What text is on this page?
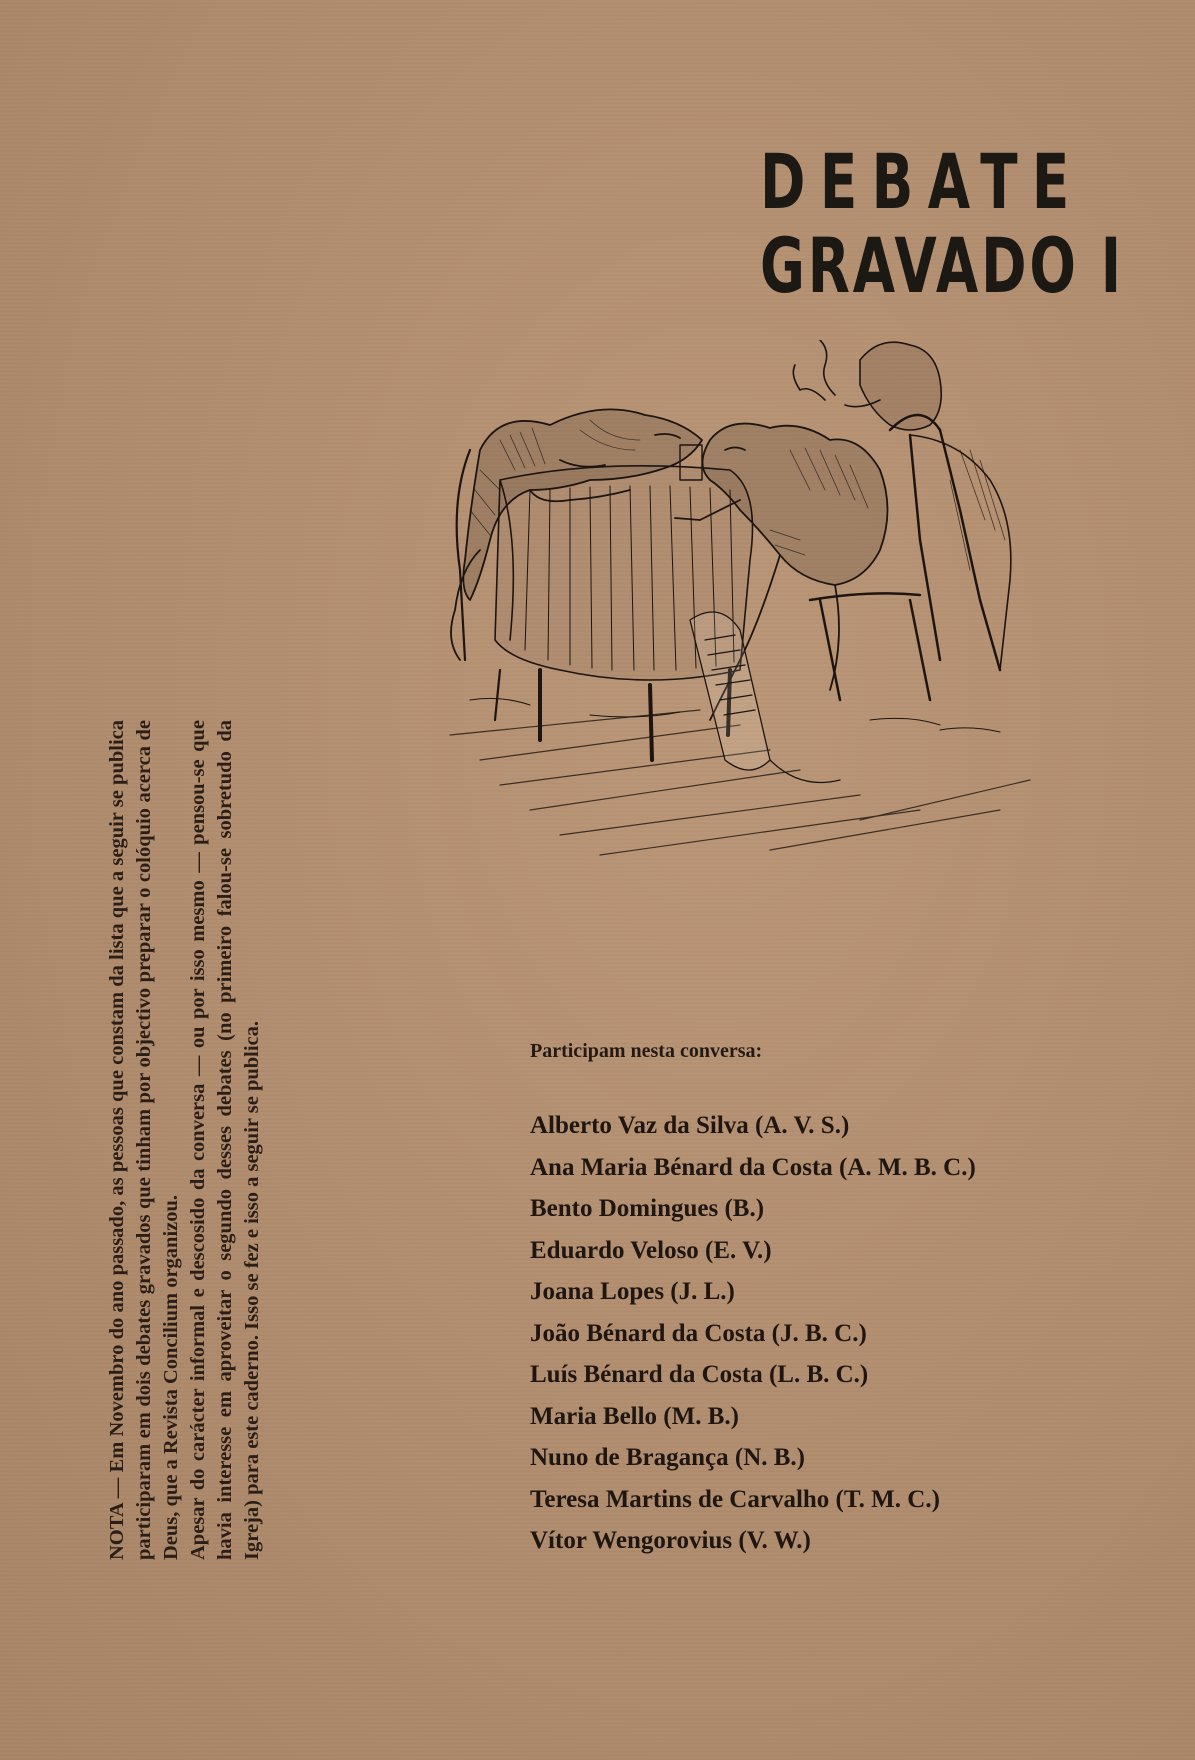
DEBATE
GRAVADO I

NOTA — Em Novembro do ano passado, as pessoas que constam da lista que a seguir se publica participaram em dois debates gravados que tinham por objectivo preparar o colóquio acerca de Deus, que a Revista Concilium organizou. Apesar do carácter informal e descosido da conversa — ou por isso mesmo — pensou-se que havia interesse em aproveitar o segundo desses debates (no primeiro falou-se sobretudo da Igreja) para este caderno. Isso se fez e isso a seguir se publica.	Participam nesta conversa:
Alberto Vaz da Silva (A. V. S.)
Ana Maria Bénard da Costa (A. M. B. C.)
Bento Domingues (B.)
Eduardo Veloso (E. V.)
Joana Lopes (J. L.)
João Bénard da Costa (J. B. C.)
Luís Bénard da Costa (L. B. C.)
Maria Bello (M. B.)
Nuno de Bragança (N. B.)
Teresa Martins de Carvalho (T. M. C.)
Vítor Wengorovius (V. W.)
